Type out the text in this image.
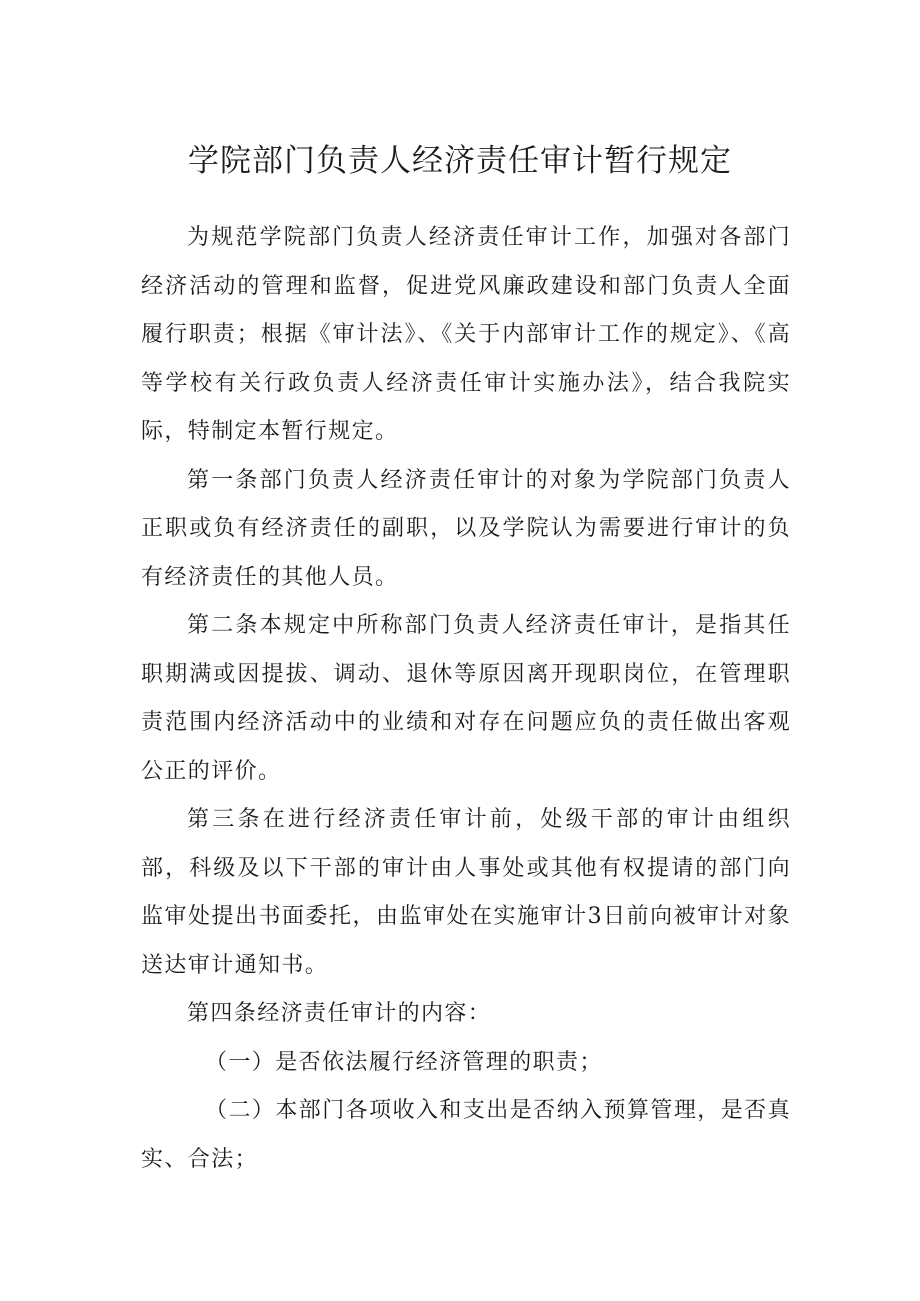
学院部门负责人经济责任审计暂行规定

为规范学院部门负责人经济责任审计工作，加强对各部门经济活动的管理和监督，促进党风廉政建设和部门负责人全面履行职责；根据《审计法》、《关于内部审计工作的规定》、《高等学校有关行政负责人经济责任审计实施办法》，结合我院实际，特制定本暂行规定。

第一条部门负责人经济责任审计的对象为学院部门负责人正职或负有经济责任的副职，以及学院认为需要进行审计的负有经济责任的其他人员。

第二条本规定中所称部门负责人经济责任审计，是指其任职期满或因提拔、调动、退休等原因离开现职岗位，在管理职责范围内经济活动中的业绩和对存在问题应负的责任做出客观公正的评价。

第三条在进行经济责任审计前，处级干部的审计由组织部，科级及以下干部的审计由人事处或其他有权提请的部门向监审处提出书面委托，由监审处在实施审计3日前向被审计对象送达审计通知书。

第四条经济责任审计的内容：

（一）是否依法履行经济管理的职责；

（二）本部门各项收入和支出是否纳入预算管理，是否真实、合法；
